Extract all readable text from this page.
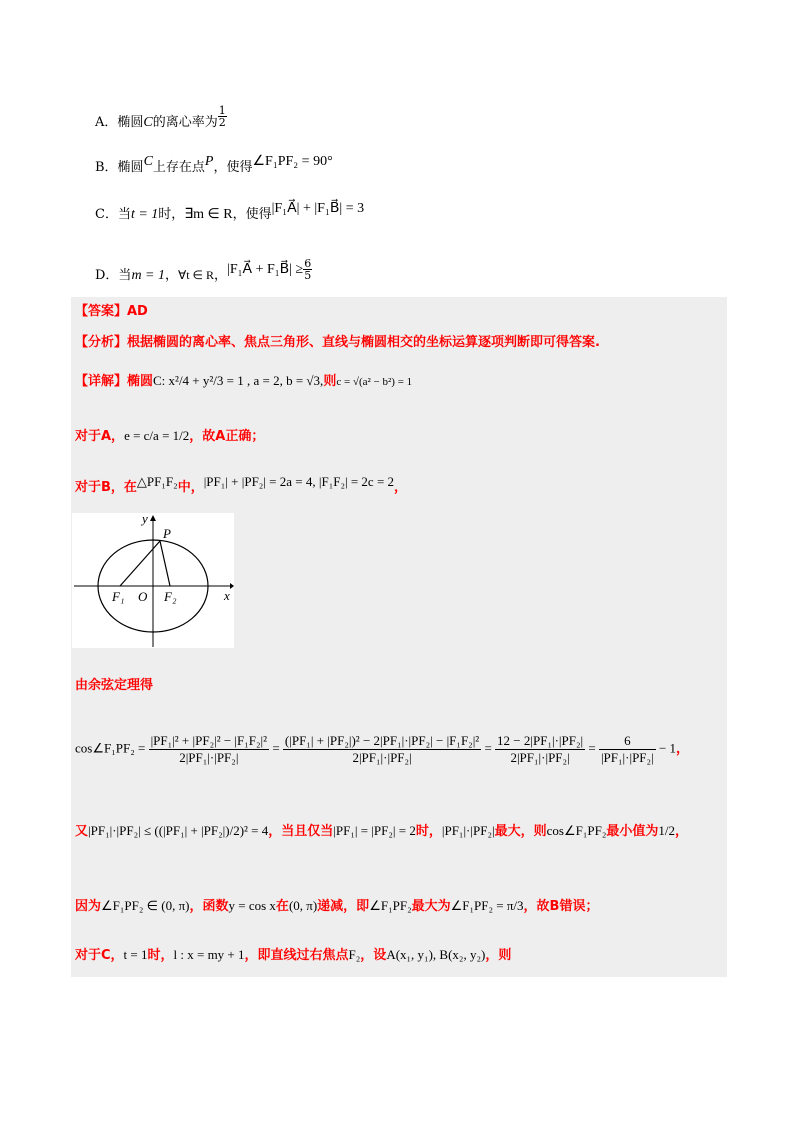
A．椭圆C的离心率为 $\frac{1}{2}$
B．椭圆C上存在点P，使得∠F₁PF₂ = 90°
C．当t = 1时，∃m ∈ R，使得|F₁A⃗| + |F₁B⃗| = 3
D．当m = 1，∀t ∈ R，|F₁A⃗ + F₁B⃗| ≥ $\frac{6}{5}$
【答案】AD
【分析】根据椭圆的离心率、焦点三角形、直线与椭圆相交的坐标运算逐项判断即可得答案.
【详解】椭圆C: x²/4 + y²/3 = 1 , a = 2, b = √3,则c = √(a² − b²) = 1
对于A，e = c/a = 1/2，故A正确；
对于B，在△PF₁F₂中，|PF₁| + |PF₂| = 2a = 4, |F₁F₂| = 2c = 2，
y
x
P
F₁ O F₂
由余弦定理得
cos∠F₁PF₂ = $\frac{\text{|PF₁|² + |PF₂|² − |F₁F₂|²}}{\text{2|PF₁|·|PF₂|}} = \frac{\text{(|PF₁| + |PF₂|)² − 2|PF₁|·|PF₂| − |F₁F₂|²}}{\text{2|PF₁|·|PF₂|}} = \frac{\text{12 − 2|PF₁|·|PF₂|}}{\text{2|PF₁|·|PF₂|}} = \frac{6}{\text{|PF₁|·|PF₂|}} - 1$，
又|PF₁|·|PF₂| ≤ ((|PF₁| + |PF₂|)/2)² = 4，当且仅当|PF₁| = |PF₂| = 2时，|PF₁|·|PF₂|最大，则cos∠F₁PF₂最小值为1/2，
因为∠F₁PF₂ ∈ (0, π)，函数y = cos x在(0, π)递减，即∠F₁PF₂最大为∠F₁PF₂ = π/3，故B错误；
对于C，t = 1时，l : x = my + 1，即直线过右焦点F₂，设A(x₁, y₁), B(x₂, y₂)，则
